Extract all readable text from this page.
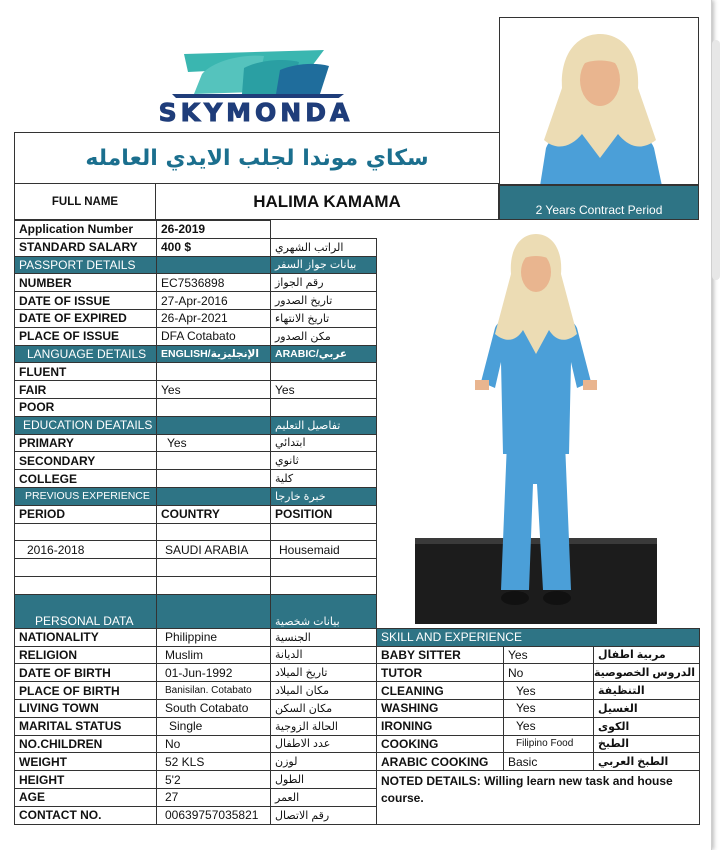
SKYMONDA
سكاي موندا لجلب الايدي العامله
FULL NAME	HALIMA KAMAMA	2 Years Contract Period
Application Number	26-2019				
STANDARD SALARY	400 $	الراتب الشهري			
PASSPORT DETAILS		بيانات جواز السفر			
NUMBER	EC7536898	رقم الجواز			
DATE OF ISSUE	27-Apr-2016	تاريخ الصدور			
DATE OF EXPIRED	26-Apr-2021	تاريخ الانتهاء			
PLACE OF ISSUE	DFA Cotabato	مكن الصدور			
LANGUAGE DETAILS	ENGLISH/الإنجليزية	ARABIC/عربي			
FLUENT					
FAIR	Yes	Yes			
POOR					
EDUCATION DEATAILS		تفاصيل التعليم			
PRIMARY	Yes	ابتدائي			
SECONDARY		ثانوي			
COLLEGE		كلية			
PREVIOUS EXPERIENCE		خبرة خارجا			
PERIOD	COUNTRY	POSITION			

2016-2018	SAUDI ARABIA	Housemaid			

PERSONAL DATA		بيانات شخصية			
NATIONALITY	Philippine	الجنسية	SKILL AND EXPERIENCE		
RELIGION	Muslim	الديانة	BABY SITTER	Yes	مربية اطفال
DATE OF BIRTH	01-Jun-1992	تاريخ الميلاد	TUTOR	No	الدروس الخصوصية
PLACE OF BIRTH	Banisilan. Cotabato	مكان الميلاد	CLEANING	Yes	التنظيفة
LIVING TOWN	South Cotabato	مكان السكن	WASHING	Yes	الغسيل
MARITAL STATUS	Single	الحالة الزوجية	IRONING	Yes	الكوى
NO.CHILDREN	No	عدد الاطفال	COOKING	Filipino Food	الطبخ
WEIGHT	52 KLS	لوزن	ARABIC COOKING	Basic	الطبخ العربي
HEIGHT	5'2	الطول	NOTED DETAILS: Willing learn new task and house course.		
AGE	27	العمر			
CONTACT NO.	00639757035821	رقم الاتصال			
